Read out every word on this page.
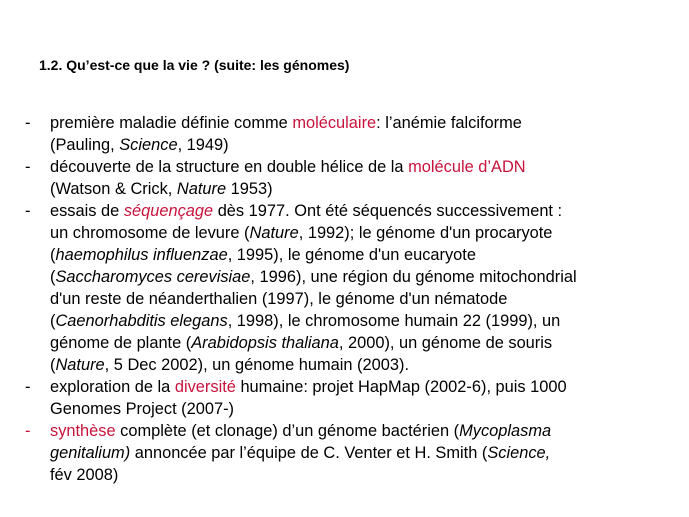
1.2. Qu’est-ce que la vie ? (suite: les génomes)
- première maladie définie comme moléculaire: l’anémie falciforme
(Pauling, Science, 1949)
- découverte de la structure en double hélice de la molécule d’ADN
(Watson & Crick, Nature 1953)
- essais de séquençage dès 1977. Ont été séquencés successivement :
un chromosome de levure (Nature, 1992); le génome d'un procaryote
(haemophilus influenzae, 1995), le génome d'un eucaryote
(Saccharomyces cerevisiae, 1996), une région du génome mitochondrial
d'un reste de néanderthalien (1997), le génome d'un nématode
(Caenorhabditis elegans, 1998), le chromosome humain 22 (1999), un
génome de plante (Arabidopsis thaliana, 2000), un génome de souris
(Nature, 5 Dec 2002), un génome humain (2003).
- exploration de la diversité humaine: projet HapMap (2002-6), puis 1000
Genomes Project (2007-)
- synthèse complète (et clonage) d’un génome bactérien (Mycoplasma
genitalium) annoncée par l’équipe de C. Venter et H. Smith (Science,
fév 2008)
